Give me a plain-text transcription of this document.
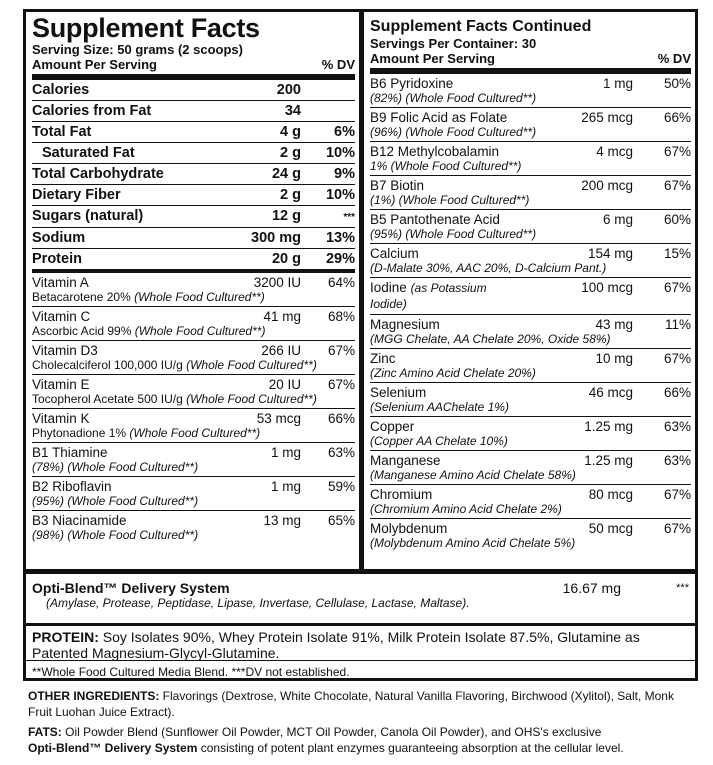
Supplement Facts
Serving Size: 50 grams (2 scoops)
Amount Per Serving	% DV
Calories	200
Calories from Fat	34
Total Fat	4 g	6%
Saturated Fat	2 g	10%
Total Carbohydrate	24 g	9%
Dietary Fiber	2 g	10%
Sugars (natural)	12 g	***
Sodium	300 mg	13%
Protein	20 g	29%
Vitamin A	3200 IU	64%
Betacarotene 20% (Whole Food Cultured**)
Vitamin C	41 mg	68%
Ascorbic Acid 99% (Whole Food Cultured**)
Vitamin D3	266 IU	67%
Cholecalciferol 100,000 IU/g (Whole Food Cultured**)
Vitamin E	20 IU	67%
Tocopherol Acetate 500 IU/g (Whole Food Cultured**)
Vitamin K	53 mcg	66%
Phytonadione 1% (Whole Food Cultured**)
B1 Thiamine	1 mg	63%
(78%) (Whole Food Cultured**)
B2 Riboflavin	1 mg	59%
(95%) (Whole Food Cultured**)
B3 Niacinamide	13 mg	65%
(98%) (Whole Food Cultured**)
Supplement Facts Continued
Servings Per Container: 30
Amount Per Serving	% DV
B6 Pyridoxine	1 mg	50%
(82%) (Whole Food Cultured**)
B9 Folic Acid as Folate	265 mcg	66%
(96%) (Whole Food Cultured**)
B12 Methylcobalamin	4 mcg	67%
1% (Whole Food Cultured**)
B7 Biotin	200 mcg	67%
(1%) (Whole Food Cultured**)
B5 Pantothenate Acid	6 mg	60%
(95%) (Whole Food Cultured**)
Calcium	154 mg	15%
(D-Malate 30%, AAC 20%, D-Calcium Pant.)
Iodine (as Potassium Iodide)
100 mcg	67%
Magnesium	43 mg	11%
(MGG Chelate, AA Chelate 20%, Oxide 58%)
Zinc	10 mg	67%
(Zinc Amino Acid Chelate 20%)
Selenium	46 mcg	66%
(Selenium AAChelate 1%)
Copper	1.25 mg	63%
(Copper AA Chelate 10%)
Manganese	1.25 mg	63%
(Manganese Amino Acid Chelate 58%)
Chromium	80 mcg	67%
(Chromium Amino Acid Chelate 2%)
Molybdenum	50 mcg	67%
(Molybdenum Amino Acid Chelate 5%)
Opti-Blend™ Delivery System	16.67 mg	***
(Amylase, Protease, Peptidase, Lipase, Invertase, Cellulase, Lactase, Maltase).
PROTEIN: Soy Isolates 90%, Whey Protein Isolate 91%, Milk Protein Isolate 87.5%, Glutamine as Patented Magnesium-Glycyl-Glutamine.
**Whole Food Cultured Media Blend. ***DV not established.

OTHER INGREDIENTS: Flavorings (Dextrose, White Chocolate, Natural Vanilla Flavoring, Birchwood (Xylitol), Salt, Monk Fruit Luohan Juice Extract).

FATS: Oil Powder Blend (Sunflower Oil Powder, MCT Oil Powder, Canola Oil Powder), and OHS's exclusive
Opti-Blend™ Delivery System consisting of potent plant enzymes guaranteeing absorption at the cellular level.
